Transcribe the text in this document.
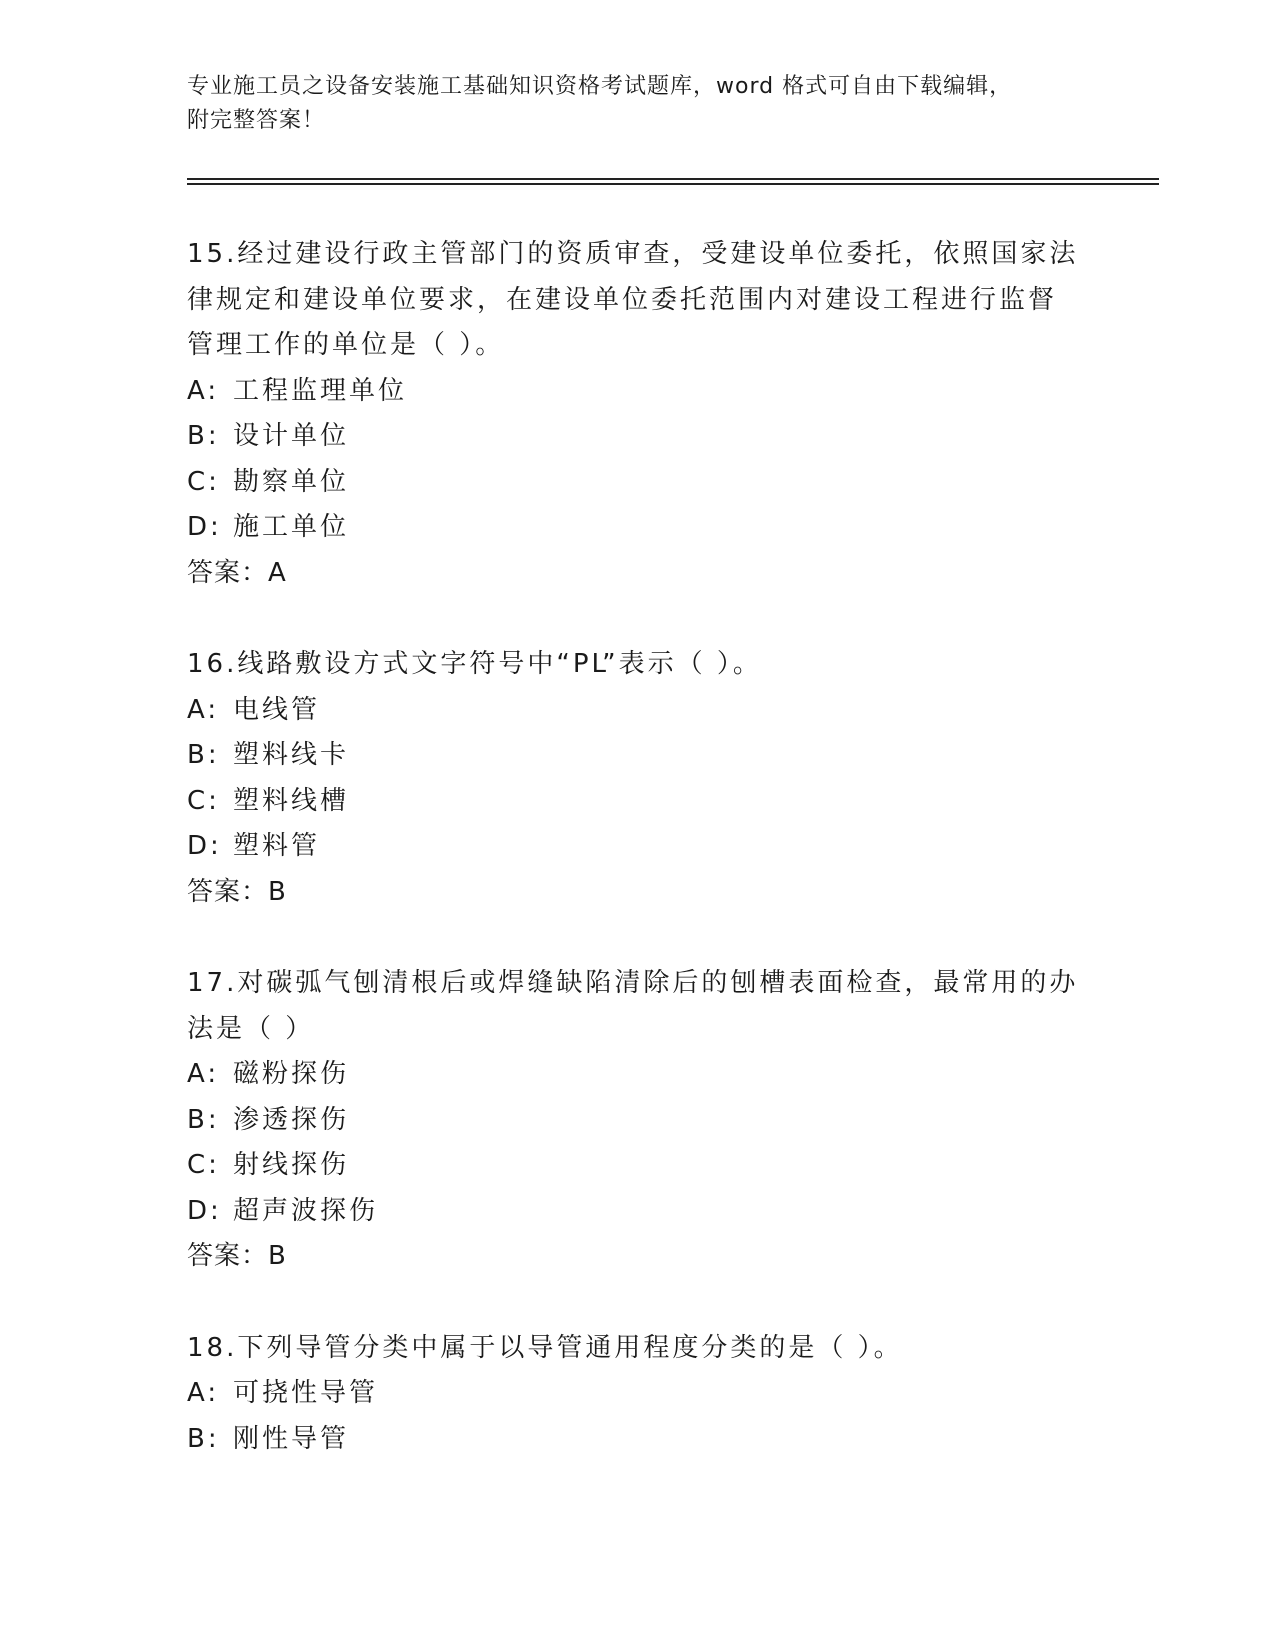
专业施工员之设备安装施工基础知识资格考试题库，word 格式可自由下载编辑，
附完整答案！

15.经过建设行政主管部门的资质审查，受建设单位委托，依照国家法

律规定和建设单位要求，在建设单位委托范围内对建设工程进行监督

管理工作的单位是（ ）。

A: 工程监理单位

B: 设计单位

C: 勘察单位

D: 施工单位

答案：A

16.线路敷设方式文字符号中“PL”表示（ ）。

A: 电线管

B: 塑料线卡

C: 塑料线槽

D: 塑料管

答案：B

17.对碳弧气刨清根后或焊缝缺陷清除后的刨槽表面检查，最常用的办

法是（ ）

A: 磁粉探伤

B: 渗透探伤

C: 射线探伤

D: 超声波探伤

答案：B

18.下列导管分类中属于以导管通用程度分类的是（ ）。

A: 可挠性导管

B: 刚性导管
